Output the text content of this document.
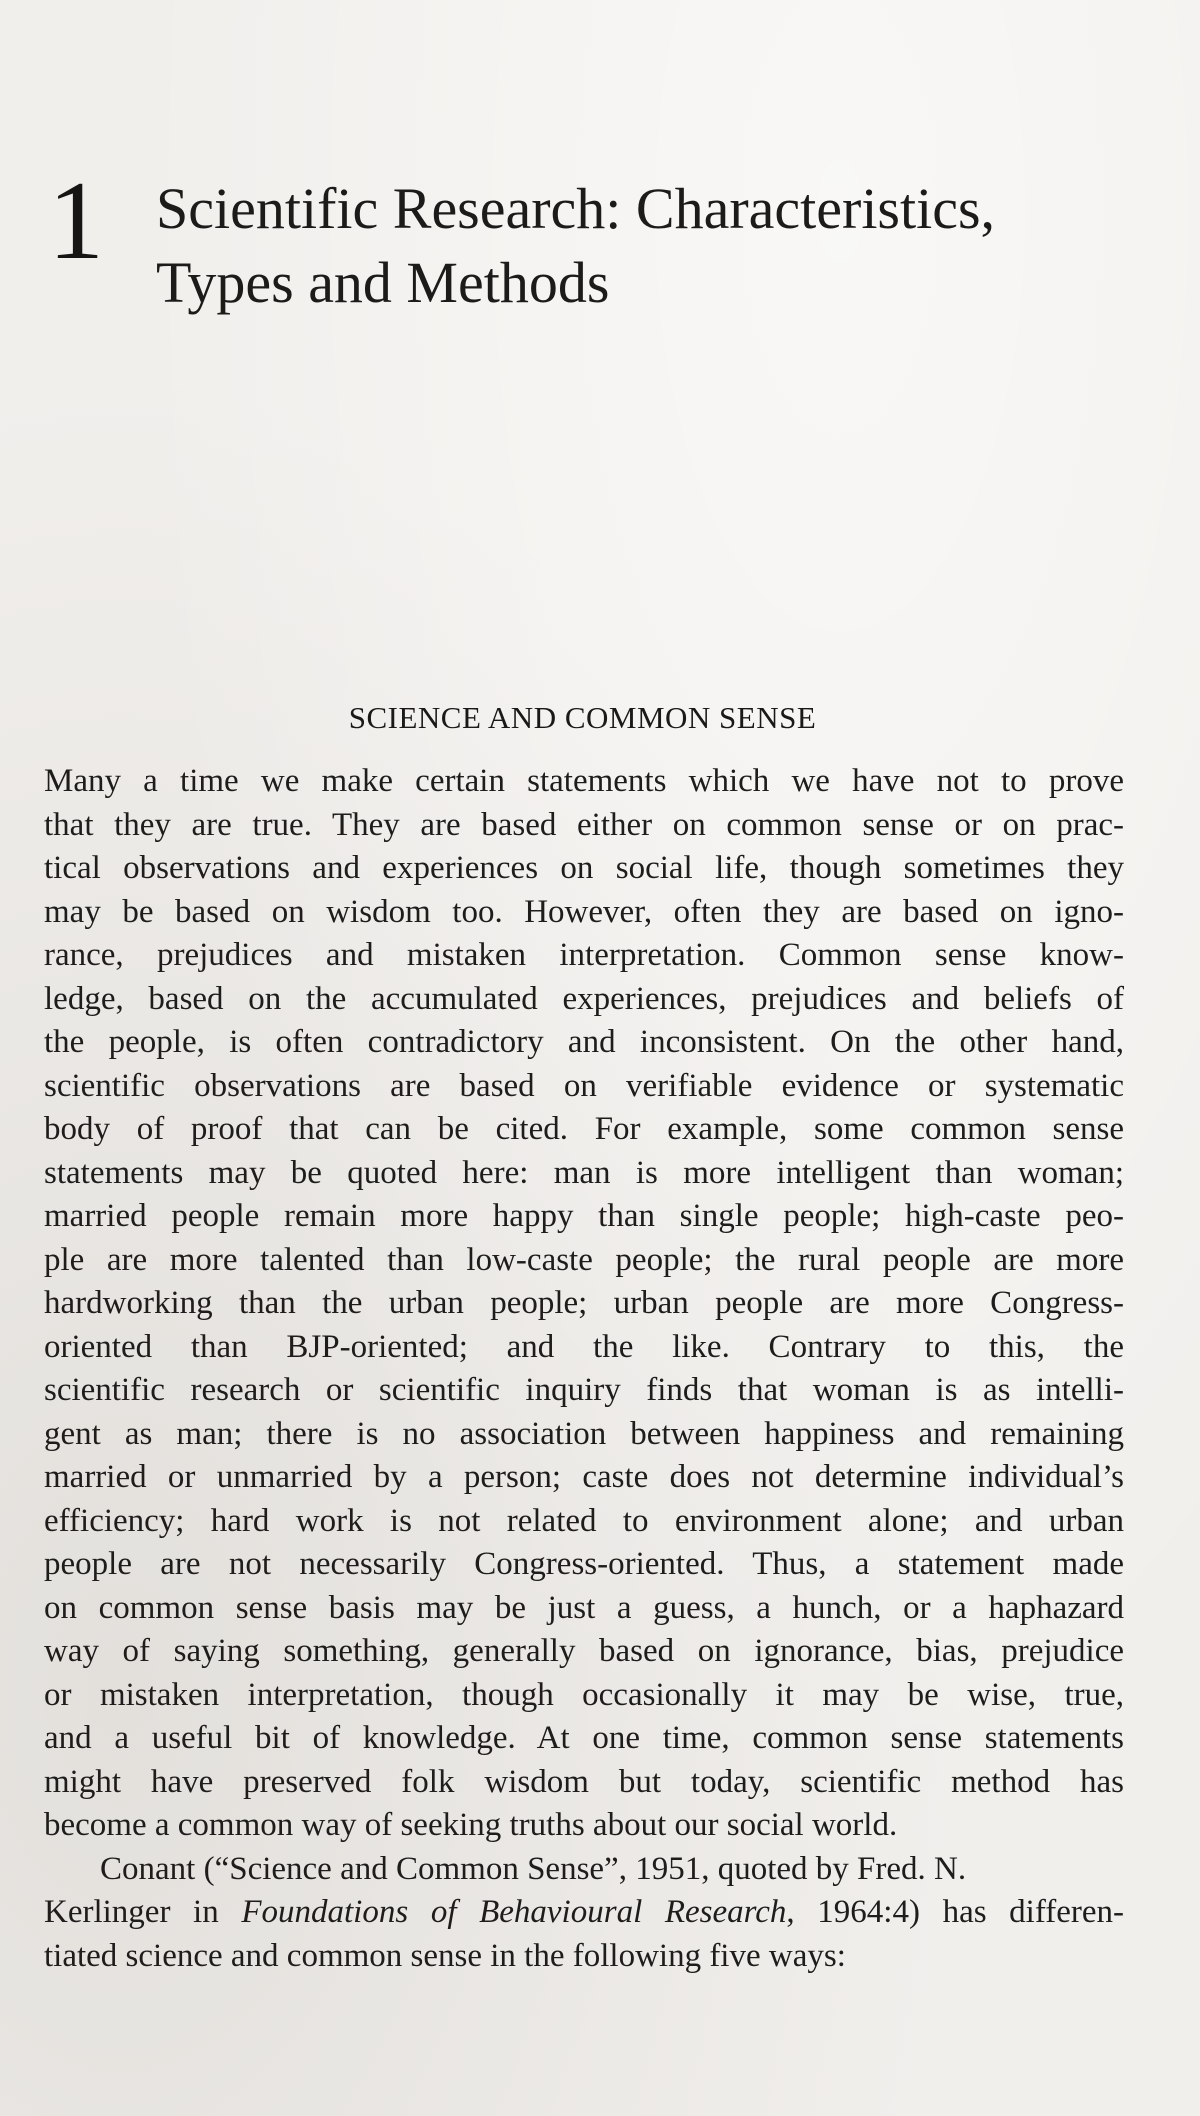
1 Scientific Research: Characteristics,
Types and Methods
SCIENCE AND COMMON SENSE
Many a time we make certain statements which we have not to prove
that they are true. They are based either on common sense or on prac-
tical observations and experiences on social life, though sometimes they
may be based on wisdom too. However, often they are based on igno-
rance, prejudices and mistaken interpretation. Common sense know-
ledge, based on the accumulated experiences, prejudices and beliefs of
the people, is often contradictory and inconsistent. On the other hand,
scientific observations are based on verifiable evidence or systematic
body of proof that can be cited. For example, some common sense
statements may be quoted here: man is more intelligent than woman;
married people remain more happy than single people; high-caste peo-
ple are more talented than low-caste people; the rural people are more
hardworking than the urban people; urban people are more Congress-
oriented than BJP-oriented; and the like. Contrary to this, the
scientific research or scientific inquiry finds that woman is as intelli-
gent as man; there is no association between happiness and remaining
married or unmarried by a person; caste does not determine individual’s
efficiency; hard work is not related to environment alone; and urban
people are not necessarily Congress-oriented. Thus, a statement made
on common sense basis may be just a guess, a hunch, or a haphazard
way of saying something, generally based on ignorance, bias, prejudice
or mistaken interpretation, though occasionally it may be wise, true,
and a useful bit of knowledge. At one time, common sense statements
might have preserved folk wisdom but today, scientific method has
become a common way of seeking truths about our social world.
Conant (“Science and Common Sense”, 1951, quoted by Fred. N.
Kerlinger in Foundations of Behavioural Research, 1964:4) has differen-
tiated science and common sense in the following five ways:
